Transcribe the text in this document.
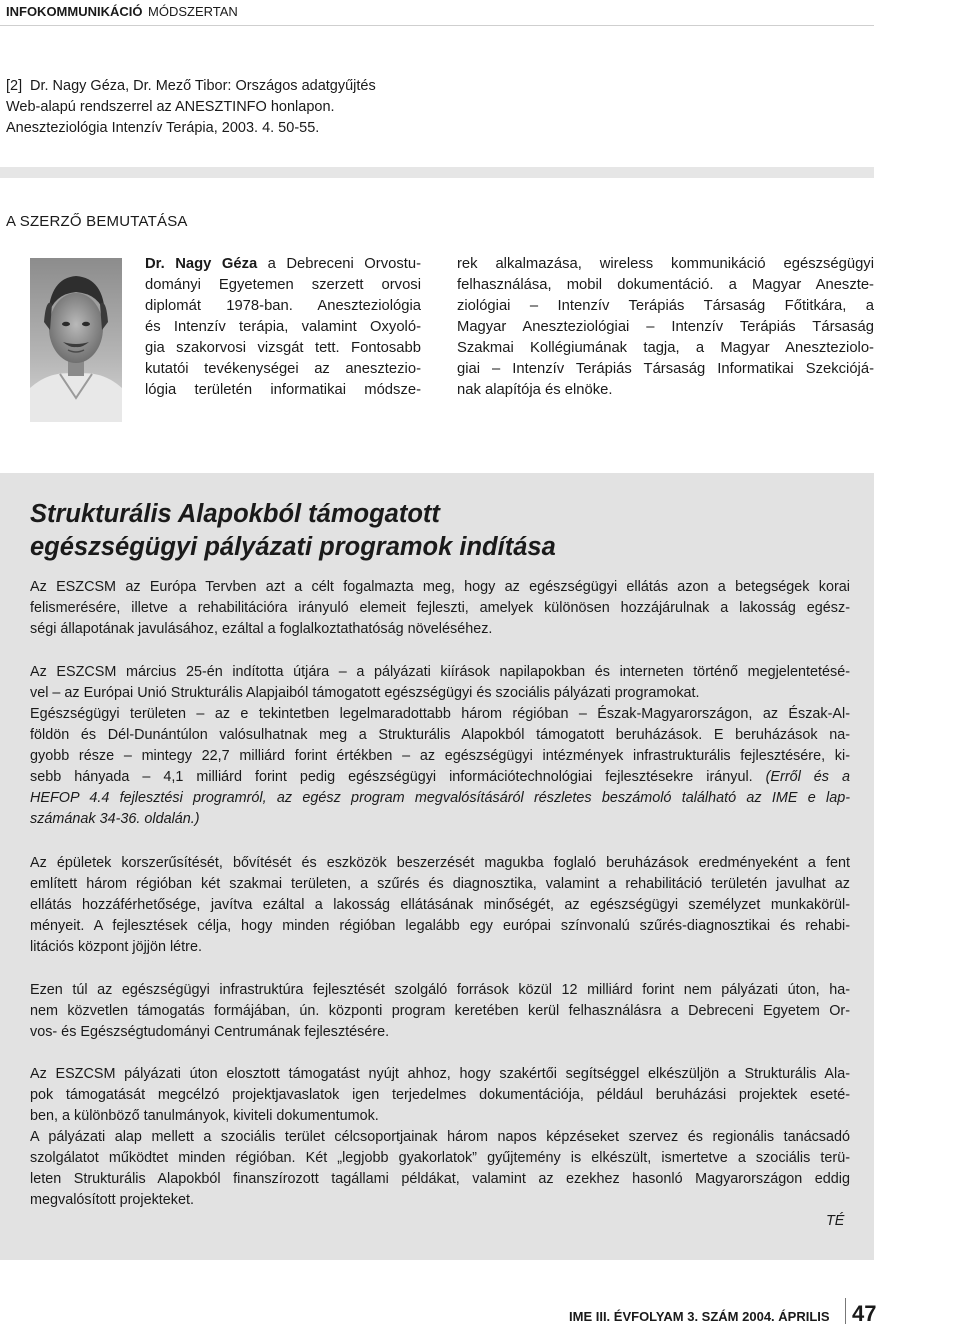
INFOKOMMUNIKÁCIÓ MÓDSZERTAN
[2] Dr. Nagy Géza, Dr. Mező Tibor: Országos adatgyűjtés
Web-alapú rendszerrel az ANESZTINFO honlapon.
Aneszteziológia Intenzív Terápia, 2003. 4. 50-55.
A SZERZŐ BEMUTATÁSA
Dr. Nagy Géza a Debreceni Orvostu-
dományi Egyetemen szerzett orvosi
diplomát 1978-ban. Aneszteziológia
és Intenzív terápia, valamint Oxyoló-
gia szakorvosi vizsgát tett. Fontosabb
kutatói tevékenységei az aneszteziο-
lógia területén informatikai módsze-
rek alkalmazása, wireless kommunikáció egészségügyi
felhasználása, mobil dokumentáció. a Magyar Aneszte-
ziológiai – Intenzív Terápiás Társaság Főtitkára, a
Magyar Aneszteziológiai – Intenzív Terápiás Társaság
Szakmai Kollégiumának tagja, a Magyar Aneszteziolo-
giai – Intenzív Terápiás Társaság Informatikai Szekciójá-
nak alapítója és elnöke.
Strukturális Alapokból támogatott
egészségügyi pályázati programok indítása
Az ESZCSM az Európa Tervben azt a célt fogalmazta meg, hogy az egészségügyi ellátás azon a betegségek korai
felismerésére, illetve a rehabilitációra irányuló elemeit fejleszti, amelyek különösen hozzájárulnak a lakosság egész-
ségi állapotának javulásához, ezáltal a foglalkoztathatóság növeléséhez.
Az ESZCSM március 25-én indította útjára – a pályázati kiírások napilapokban és interneten történő megjelentetésé-
vel – az Európai Unió Strukturális Alapjaiból támogatott egészségügyi és szociális pályázati programokat.
Egészségügyi területen – az e tekintetben legelmaradottabb három régióban – Észak-Magyarországon, az Észak-Al-
földön és Dél-Dunántúlon valósulhatnak meg a Strukturális Alapokból támogatott beruházások. E beruházások na-
gyobb része – mintegy 22,7 milliárd forint értékben – az egészségügyi intézmények infrastrukturális fejlesztésére, ki-
sebb hányada – 4,1 milliárd forint pedig egészségügyi információtechnológiai fejlesztésekre irányul. (Erről és a
HEFOP 4.4 fejlesztési programról, az egész program megvalósításáról részletes beszámoló található az IME e lap-
számának 34-36. oldalán.)
Az épületek korszerűsítését, bővítését és eszközök beszerzését magukba foglaló beruházások eredményeként a fent
említett három régióban két szakmai területen, a szűrés és diagnosztika, valamint a rehabilitáció területén javulhat az
ellátás hozzáférhetősége, javítva ezáltal a lakosság ellátásának minőségét, az egészségügyi személyzet munkakörül-
ményeit. A fejlesztések célja, hogy minden régióban legalább egy európai színvonalú szűrés-diagnosztikai és rehabi-
litációs központ jöjjön létre.
Ezen túl az egészségügyi infrastruktúra fejlesztését szolgáló források közül 12 milliárd forint nem pályázati úton, ha-
nem közvetlen támogatás formájában, ún. központi program keretében kerül felhasználásra a Debreceni Egyetem Or-
vos- és Egészségtudományi Centrumának fejlesztésére.
Az ESZCSM pályázati úton elosztott támogatást nyújt ahhoz, hogy szakértői segítséggel elkészüljön a Strukturális Ala-
pok támogatását megcélzó projektjavaslatok igen terjedelmes dokumentációja, például beruházási projektek eseté-
ben, a különböző tanulmányok, kiviteli dokumentumok.
A pályázati alap mellett a szociális terület célcsoportjainak három napos képzéseket szervez és regionális tanácsadó
szolgálatot működtet minden régióban. Két „legjobb gyakorlatok” gyűjtemény is elkészült, ismertetve a szociális terü-
leten Strukturális Alapokból finanszírozott tagállami példákat, valamint az ezekhez hasonló Magyarországon eddig
megvalósított projekteket.
TÉ
IME III. ÉVFOLYAM 3. SZÁM 2004. ÁPRILIS 47
